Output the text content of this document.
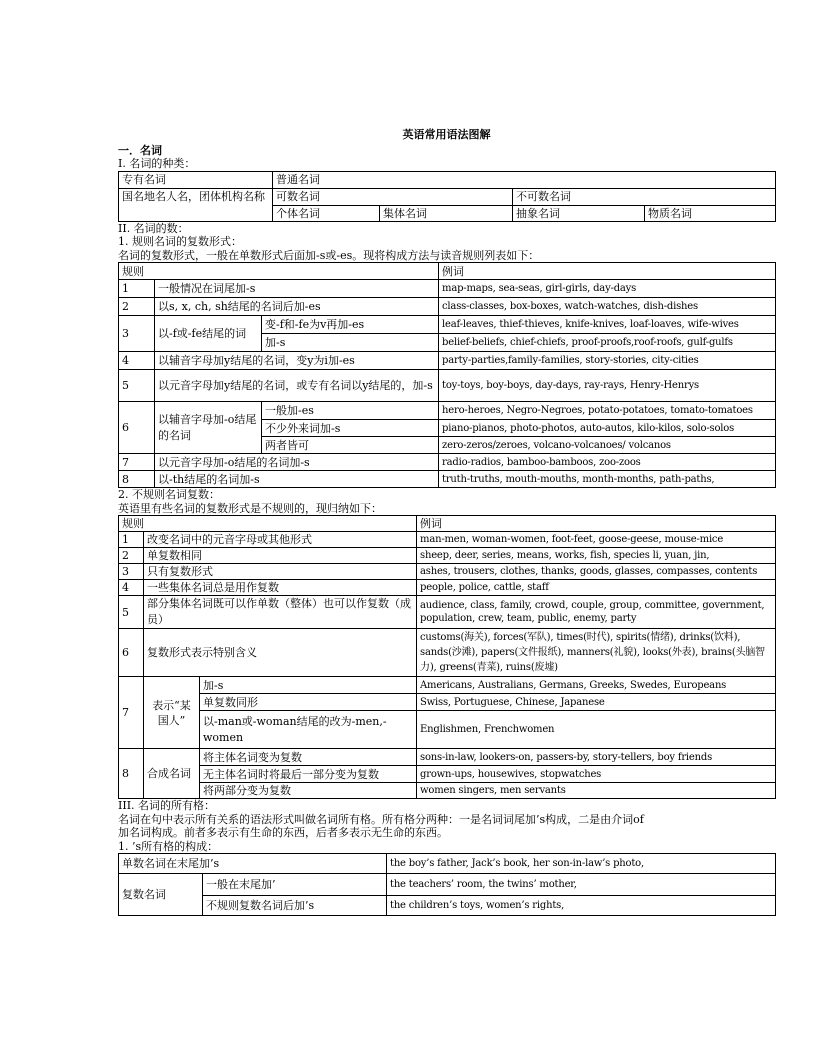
英语常用语法图解
一．名词
I. 名词的种类：
专有名词	普通名词			
国名地名人名，团体机构名称	可数名词		不可数名词	
	个体名词	集体名词	抽象名词	物质名词
II. 名词的数：
1. 规则名词的复数形式：
名词的复数形式，一般在单数形式后面加-s或-es。现将构成方法与读音规则列表如下：
规则			例词
1	一般情况在词尾加-s		map-maps, sea-seas, girl-girls, day-days
2	以s, x, ch, sh结尾的名词后加-es		class-classes, box-boxes, watch-watches, dish-dishes
3	以-f或-fe结尾的词	变-f和-fe为v再加-es	leaf-leaves, thief-thieves, knife-knives, loaf-loaves, wife-wives
		加-s	belief-beliefs, chief-chiefs, proof-proofs,roof-roofs, gulf-gulfs
4	以辅音字母加y结尾的名词，变y为i加-es		party-parties,family-families, story-stories, city-cities
5	以元音字母加y结尾的名词，或专有名词以y结尾的，加-s		toy-toys, boy-boys, day-days, ray-rays, Henry-Henrys
6	以辅音字母加-o结尾的名词	一般加-es	hero-heroes, Negro-Negroes, potato-potatoes, tomato-tomatoes
		不少外来词加-s	piano-pianos, photo-photos, auto-autos, kilo-kilos, solo-solos
		两者皆可	zero-zeros/zeroes, volcano-volcanoes/ volcanos
7	以元音字母加-o结尾的名词加-s		radio-radios, bamboo-bamboos, zoo-zoos
8	以-th结尾的名词加-s		truth-truths, mouth-mouths, month-months, path-paths,
2. 不规则名词复数：
英语里有些名词的复数形式是不规则的，现归纳如下：
规则			例词
1	改变名词中的元音字母或其他形式		man-men, woman-women, foot-feet, goose-geese, mouse-mice
2	单复数相同		sheep, deer, series, means, works, fish, species li, yuan, jin,
3	只有复数形式		ashes, trousers, clothes, thanks, goods, glasses, compasses, contents
4	一些集体名词总是用作复数		people, police, cattle, staff
5	部分集体名词既可以作单数（整体）也可以作复数（成员）		audience, class, family, crowd, couple, group, committee, government, population, crew, team, public, enemy, party
6	复数形式表示特别含义		customs(海关), forces(军队), times(时代), spirits(情绪), drinks(饮料), sands(沙滩), papers(文件报纸), manners(礼貌), looks(外表), brains(头脑智力), greens(青菜), ruins(废墟)
7	表示“某国人”	加-s	Americans, Australians, Germans, Greeks, Swedes, Europeans
		单复数同形	Swiss, Portuguese, Chinese, Japanese
		以-man或-woman结尾的改为-men,-women	Englishmen, Frenchwomen
8	合成名词	将主体名词变为复数	sons-in-law, lookers-on, passers-by, story-tellers, boy friends
		无主体名词时将最后一部分变为复数	grown-ups, housewives, stopwatches
		将两部分变为复数	women singers, men servants
III. 名词的所有格：
名词在句中表示所有关系的语法形式叫做名词所有格。所有格分两种：一是名词词尾加’s构成，二是由介词of
加名词构成。前者多表示有生命的东西，后者多表示无生命的东西。
1. ’s所有格的构成：
单数名词在末尾加’s		the boy’s father, Jack’s book, her son-in-law’s photo,
复数名词	一般在末尾加’	the teachers’ room, the twins’ mother,
	不规则复数名词后加’s	the children’s toys, women’s rights,
